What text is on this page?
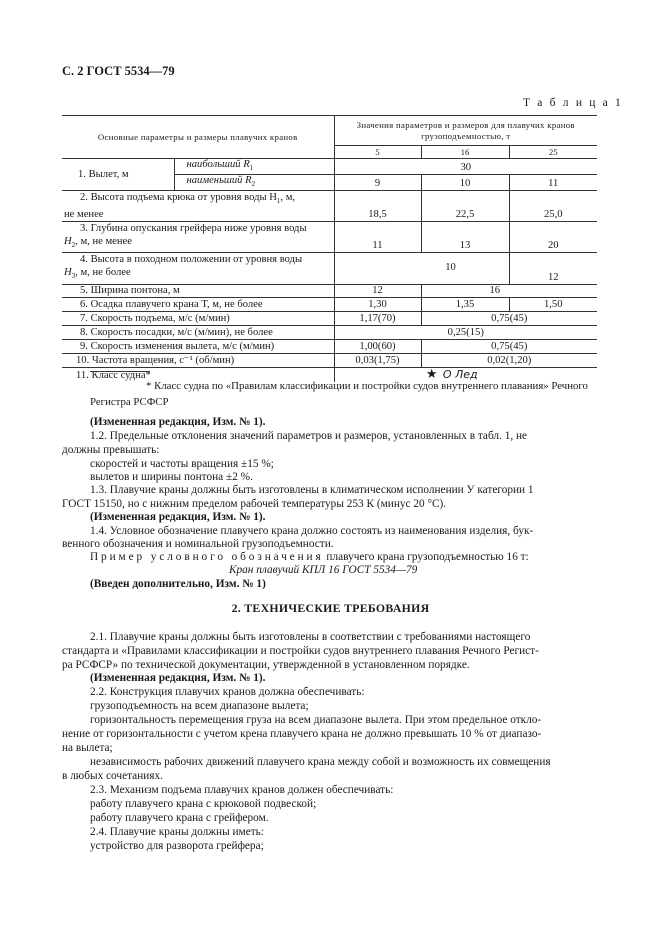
С. 2 ГОСТ 5534—79
Т а б л и ц а 1
Основные параметры и размеры плавучих кранов		Значения параметров и размеров для плавучих кранов
грузоподъемностью, т		
		5	16	25
1. Вылет, м	наибольший $R_1$	30		
	наименьший $R_2$	9	10	11
2. Высота подъема крюка от уровня воды $H_1$, м,
не менее		18,5	22,5	25,0
3. Глубина опускания грейфера ниже уровня воды
$H_2$, м, не менее		11	13	20
4. Высота в походном положении от уровня воды
$H_3$, м, не более		10		12
5. Ширина понтона, м		12	16	
6. Осадка плавучего крана T, м, не более		1,30	1,35	1,50
7. Скорость подъема, м/с (м/мин)		1,17(70)	0,75(45)	
8. Скорость посадки, м/с (м/мин), не более		0,25(15)		
9. Скорость изменения вылета, м/с (м/мин)		1,00(60)	0,75(45)	
10. Частота вращения, с⁻¹ (об/мин)		0,03(1,75)	0,02(1,20)	
11. Класс судна*		★ О Лед		
* Класс судна по «Правилам классификации и постройки судов внутреннего плавания» Речного Регистра РСФСР

(Измененная редакция, Изм. № 1).

1.2. Предельные отклонения значений параметров и размеров, установленных в табл. 1, не

должны превышать:

скоростей и частоты вращения ±15 %;

вылетов и ширины понтона ±2 %.

1.3. Плавучие краны должны быть изготовлены в климатическом исполнении У категории 1

ГОСТ 15150, но с нижним пределом рабочей температуры 253 К (минус 20 °С).

(Измененная редакция, Изм. № 1).

1.4. Условное обозначение плавучего крана должно состоять из наименования изделия, бук-

венного обозначения и номинальной грузоподъемности.

Пример условного обозначения плавучего крана грузоподъемностью 16 т:

Кран плавучий КПЛ 16 ГОСТ 5534—79

(Введен дополнительно, Изм. № 1)

2. ТЕХНИЧЕСКИЕ ТРЕБОВАНИЯ

2.1. Плавучие краны должны быть изготовлены в соответствии с требованиями настоящего

стандарта и «Правилами классификации и постройки судов внутреннего плавания Речного Регист-

ра РСФСР» по технической документации, утвержденной в установленном порядке.

(Измененная редакция, Изм. № 1).

2.2. Конструкция плавучих кранов должна обеспечивать:

грузоподъемность на всем диапазоне вылета;

горизонтальность перемещения груза на всем диапазоне вылета. При этом предельное откло-

нение от горизонтальности с учетом крена плавучего крана не должно превышать 10 % от диапазо-

на вылета;

независимость рабочих движений плавучего крана между собой и возможность их совмещения

в любых сочетаниях.

2.3. Механизм подъема плавучих кранов должен обеспечивать:

работу плавучего крана с крюковой подвеской;

работу плавучего крана с грейфером.

2.4. Плавучие краны должны иметь:

устройство для разворота грейфера;
